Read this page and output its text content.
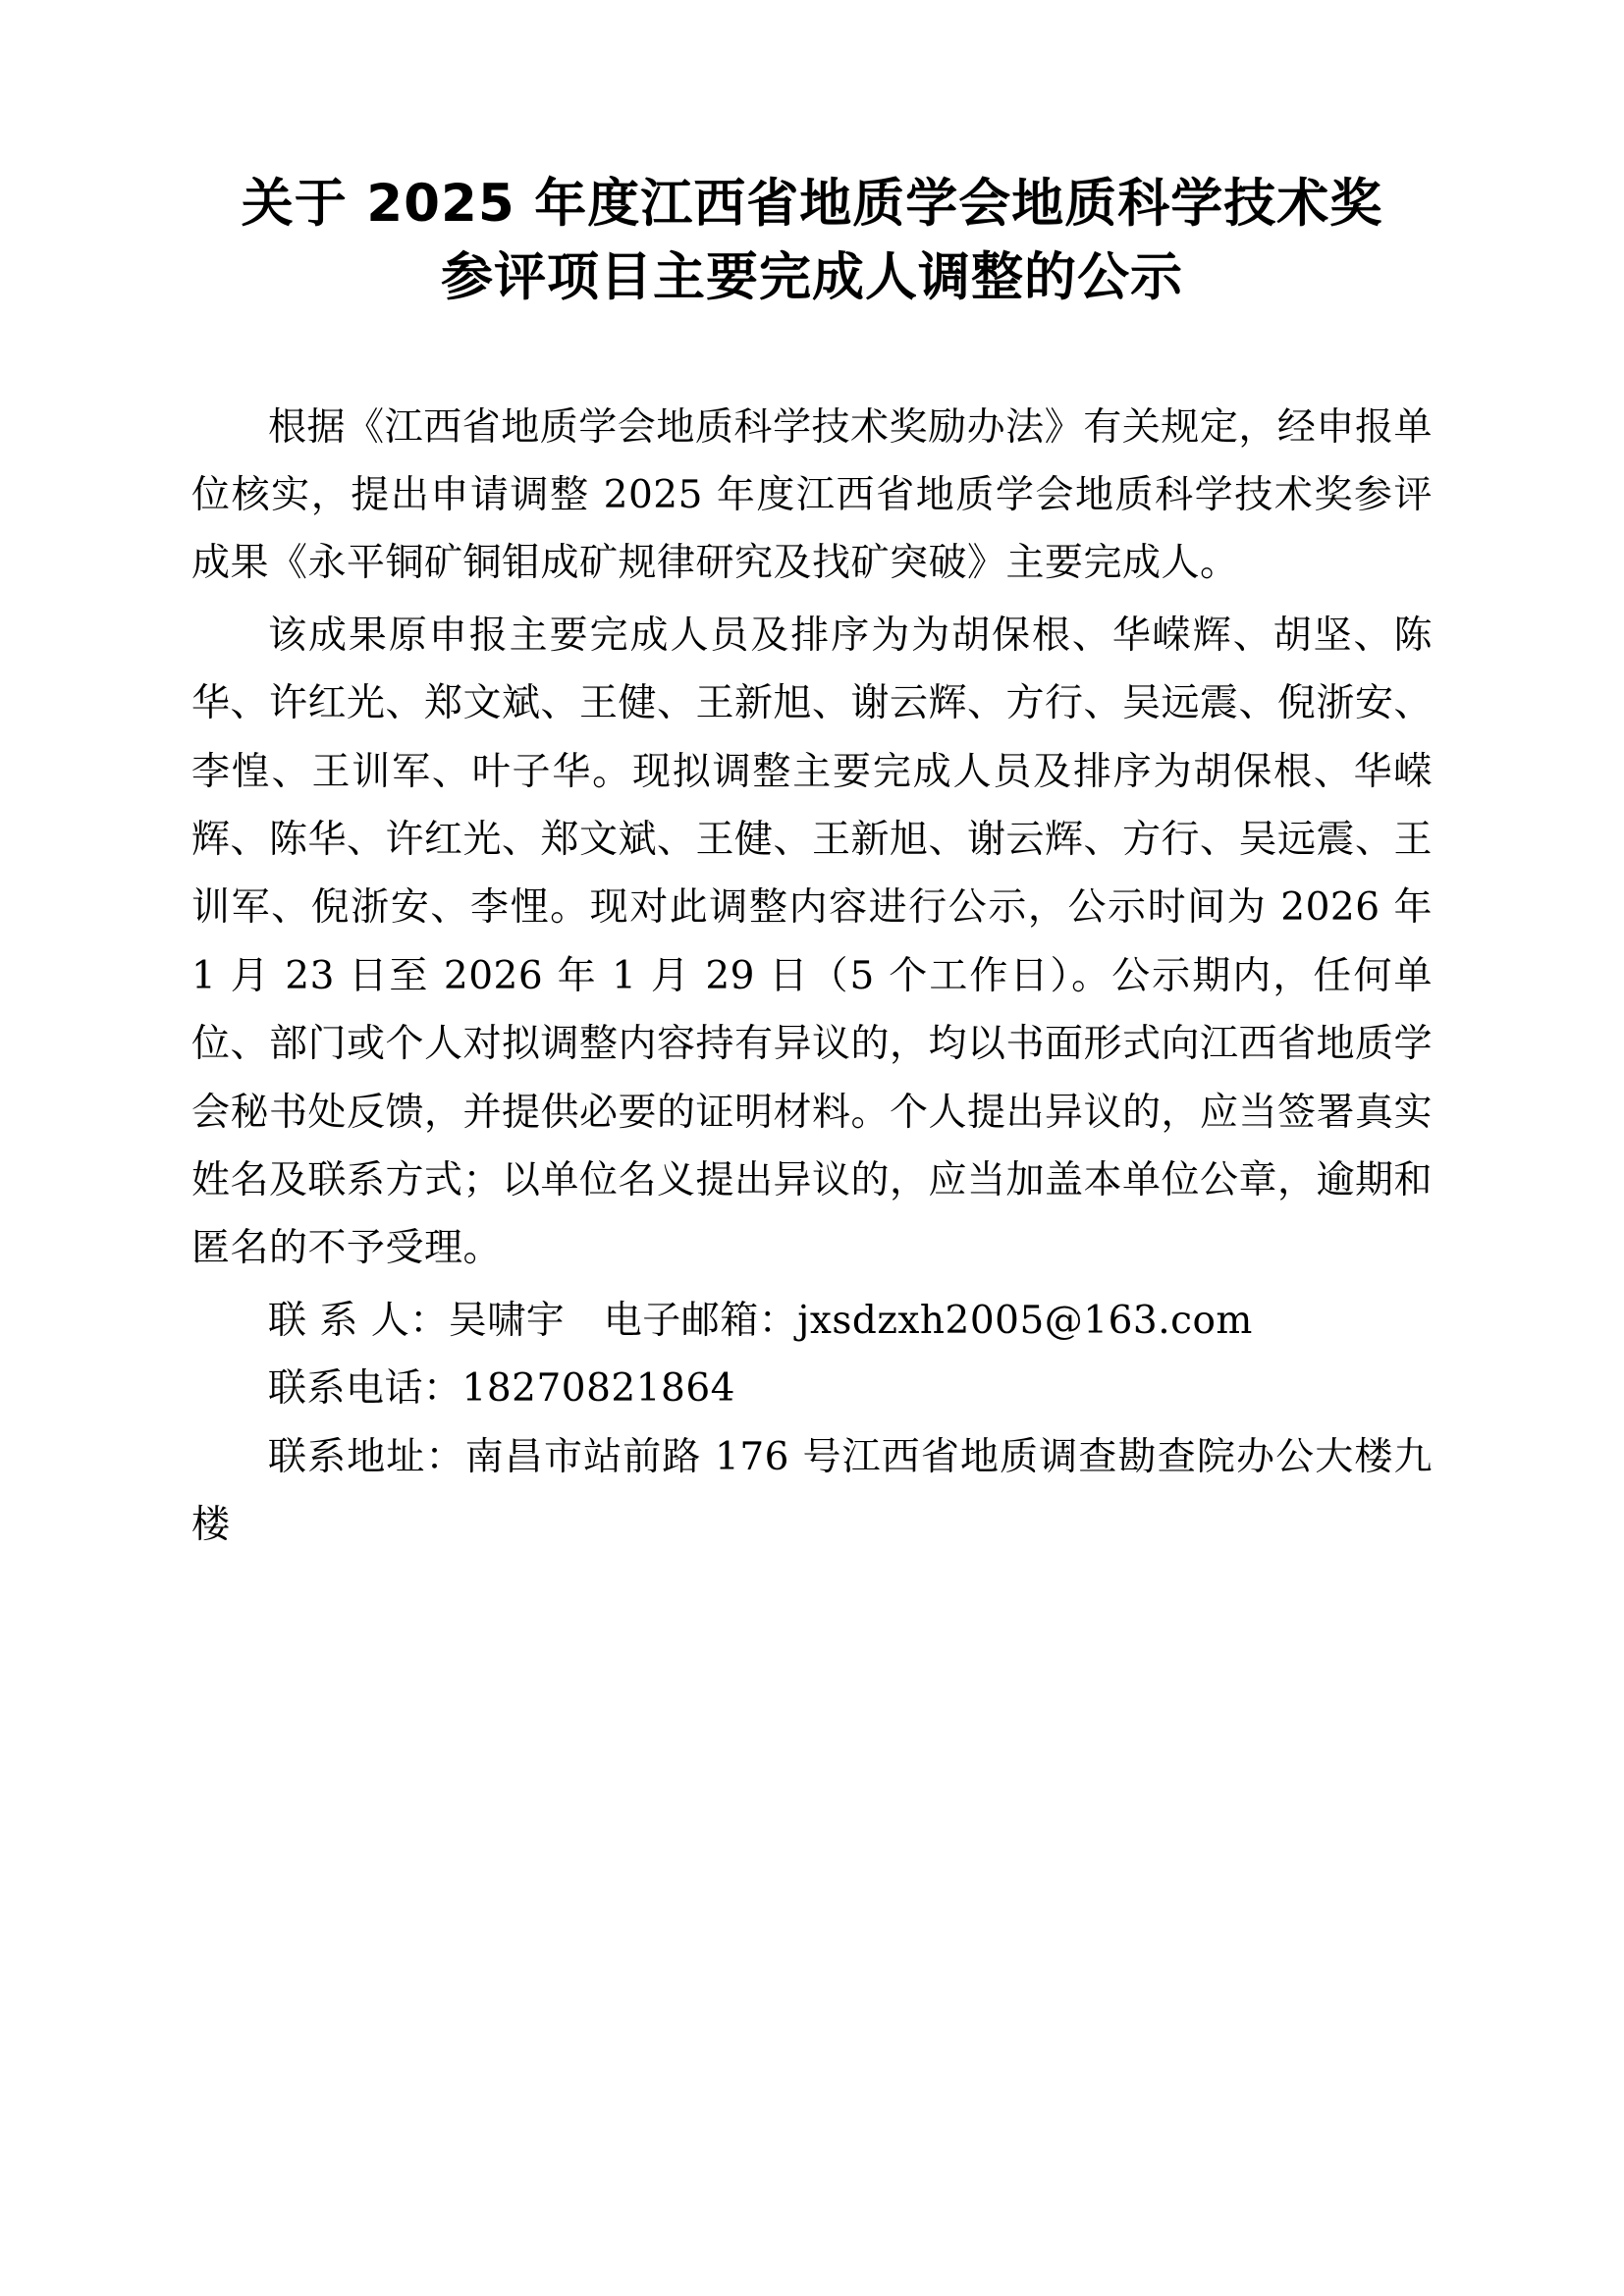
关于 2025 年度江西省地质学会地质科学技术奖
参评项目主要完成人调整的公示

根据《江西省地质学会地质科学技术奖励办法》有关规定，经申报单位核实，提出申请调整 2025 年度江西省地质学会地质科学技术奖参评成果《永平铜矿铜钼成矿规律研究及找矿突破》主要完成人。

该成果原申报主要完成人员及排序为为胡保根、华嵘辉、胡坚、陈华、许红光、郑文斌、王健、王新旭、谢云辉、方行、吴远震、倪浙安、李惶、王训军、叶子华。现拟调整主要完成人员及排序为胡保根、华嵘辉、陈华、许红光、郑文斌、王健、王新旭、谢云辉、方行、吴远震、王训军、倪浙安、李悝。现对此调整内容进行公示，公示时间为 2026 年 1 月 23 日至 2026 年 1 月 29 日（5 个工作日）。公示期内，任何单位、部门或个人对拟调整内容持有异议的，均以书面形式向江西省地质学会秘书处反馈，并提供必要的证明材料。个人提出异议的，应当签署真实姓名及联系方式；以单位名义提出异议的，应当加盖本单位公章，逾期和匿名的不予受理。

联 系 人：吴啸宇　电子邮箱：jxsdzxh2005@163.com

联系电话：18270821864

联系地址：南昌市站前路 176 号江西省地质调查勘查院办公大楼九楼
